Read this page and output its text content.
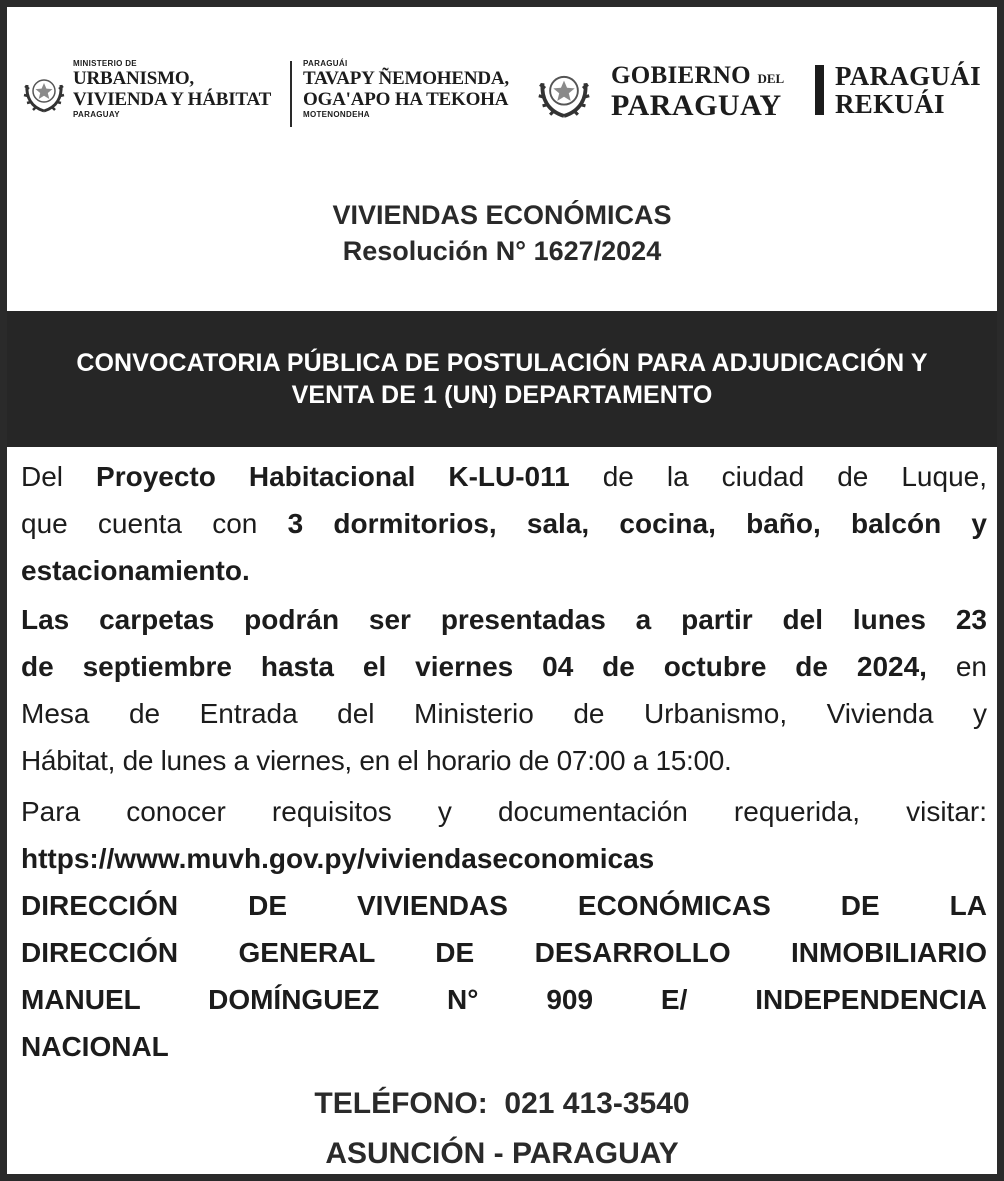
MINISTERIO DE
URBANISMO,
VIVIENDA Y HÁBITAT
PARAGUAY
PARAGUÁI
TAVAPY ÑEMOHENDA,
OGA'APO HA TEKOHA
MOTENONDEHA
GOBIERNO DEL
PARAGUAY
PARAGUÁI
REKUÁI
VIVIENDAS ECONÓMICAS
Resolución N° 1627/2024
CONVOCATORIA PÚBLICA DE POSTULACIÓN PARA ADJUDICACIÓN Y
VENTA DE 1 (UN) DEPARTAMENTO

Del Proyecto Habitacional K-LU-011 de la ciudad de Luque,

que cuenta con 3 dormitorios, sala, cocina, baño, balcón y

estacionamiento.

Las carpetas podrán ser presentadas a partir del lunes 23

de septiembre hasta el viernes 04 de octubre de 2024, en

Mesa de Entrada del Ministerio de Urbanismo, Vivienda y

Hábitat, de lunes a viernes, en el horario de 07:00 a 15:00.

Para conocer requisitos y documentación requerida, visitar:

https://www.muvh.gov.py/viviendaseconomicas

DIRECCIÓN DE VIVIENDAS ECONÓMICAS DE LA

DIRECCIÓN GENERAL DE DESARROLLO INMOBILIARIO

MANUEL DOMÍNGUEZ N° 909 E/ INDEPENDENCIA

NACIONAL

TELÉFONO:  021 413-3540
ASUNCIÓN - PARAGUAY
